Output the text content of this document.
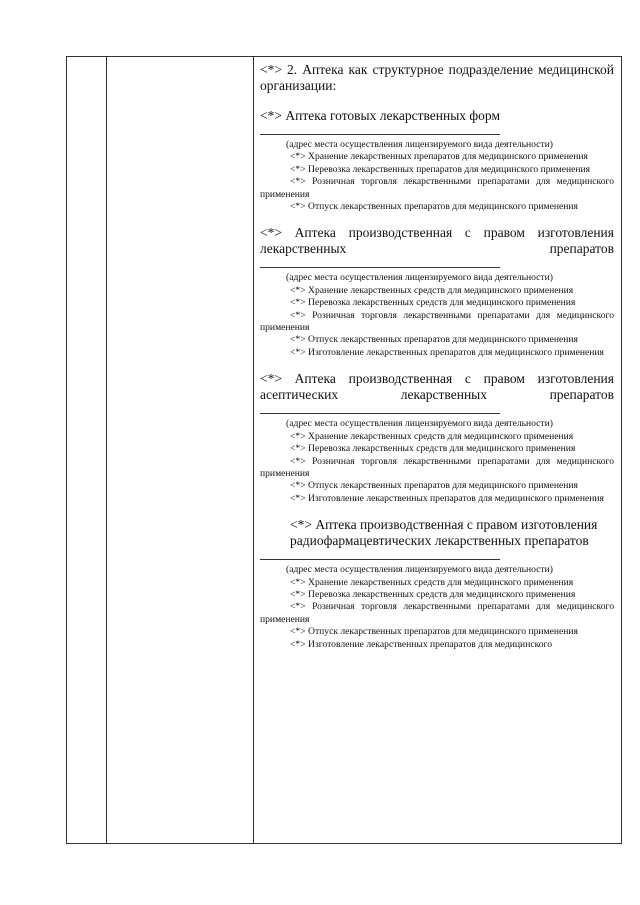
<*> 2. Аптека как структурное подразделение медицинской организации:
<*> Аптека готовых лекарственных форм
(адрес места осуществления лицензируемого вида деятельности)
<*> Хранение лекарственных препаратов для медицинского применения
<*> Перевозка лекарственных препаратов для медицинского применения
<*> Розничная торговля лекарственными препаратами для медицинского применения
<*> Отпуск лекарственных препаратов для медицинского применения
<*> Аптека производственная с правом изготовления лекарственных препаратов
(адрес места осуществления лицензируемого вида деятельности)
<*> Хранение лекарственных средств для медицинского применения
<*> Перевозка лекарственных средств для медицинского применения
<*> Розничная торговля лекарственными препаратами для медицинского применения
<*> Отпуск лекарственных препаратов для медицинского применения
<*> Изготовление лекарственных препаратов для медицинского применения
<*> Аптека производственная с правом изготовления асептических лекарственных препаратов
(адрес места осуществления лицензируемого вида деятельности)
<*> Хранение лекарственных средств для медицинского применения
<*> Перевозка лекарственных средств для медицинского применения
<*> Розничная торговля лекарственными препаратами для медицинского применения
<*> Отпуск лекарственных препаратов для медицинского применения
<*> Изготовление лекарственных препаратов для медицинского применения
<*> Аптека производственная с правом изготовления радиофармацевтических лекарственных препаратов
(адрес места осуществления лицензируемого вида деятельности)
<*> Хранение лекарственных средств для медицинского применения
<*> Перевозка лекарственных средств для медицинского применения
<*> Розничная торговля лекарственными препаратами для медицинского применения
<*> Отпуск лекарственных препаратов для медицинского применения
<*> Изготовление лекарственных препаратов для медицинского
